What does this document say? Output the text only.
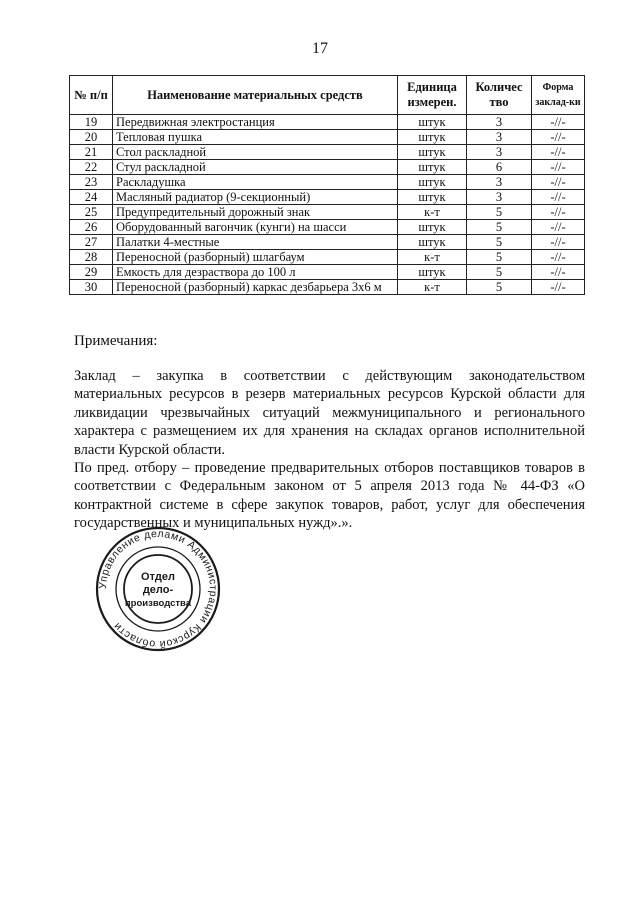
17
№ п/п	Наименование материальных средств	Единица измерен.	Количес тво	Форма заклад-ки
19	Передвижная электростанция	штук	3	-//-
20	Тепловая пушка	штук	3	-//-
21	Стол раскладной	штук	3	-//-
22	Стул раскладной	штук	6	-//-
23	Раскладушка	штук	3	-//-
24	Масляный радиатор (9-секционный)	штук	3	-//-
25	Предупредительный дорожный знак	к-т	5	-//-
26	Оборудованный вагончик (кунги) на шасси	штук	5	-//-
27	Палатки 4-местные	штук	5	-//-
28	Переносной (разборный) шлагбаум	к-т	5	-//-
29	Емкость для дезраствора до 100 л	штук	5	-//-
30	Переносной (разборный) каркас дезбарьера 3х6 м	к-т	5	-//-
Примечания:

Заклад – закупка в соответствии с действующим законодательством материальных ресурсов в резерв материальных ресурсов Курской области для ликвидации чрезвычайных ситуаций межмуниципального и регионального характера с размещением их для хранения на складах органов исполнительной власти Курской области.

По пред. отбору – проведение предварительных отборов поставщиков товаров в соответствии с Федеральным законом от 5 апреля 2013 года № 44-ФЗ «О контрактной системе в сфере закупок товаров, работ, услуг для обеспечения государственных и муниципальных нужд».».

Управление делами Администрации Курской области
Отдел
дело-
производства
